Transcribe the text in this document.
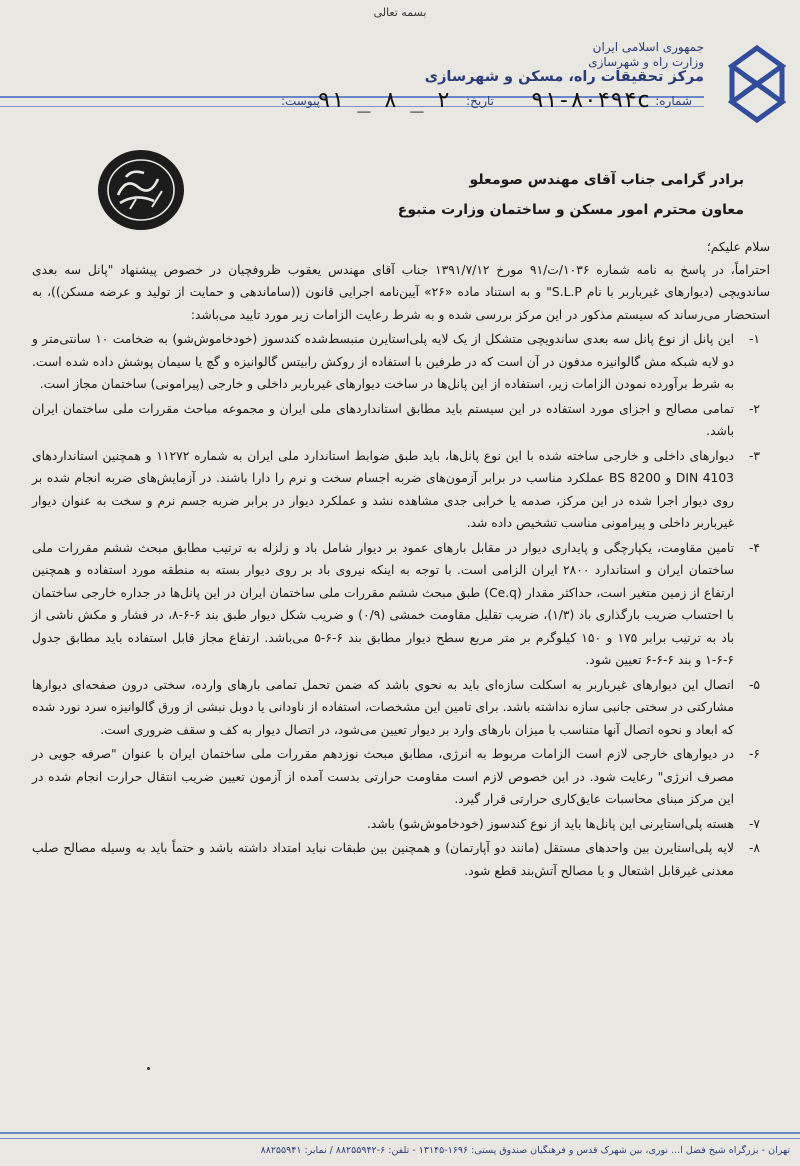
بسمه تعالی
جمهوری اسلامی ایران
وزارت راه و شهرسازی
مرکز تحقیقات راه، مسکن و شهرسازی
شماره:
۹۱-۸۰۴۹۴c
تاریخ:
۹۱ _ ۸ _ ۲
پیوست:
برادر گرامی جناب آقای مهندس صومعلو
معاون محترم امور مسکن و ساختمان وزارت متبوع

سلام علیکم؛

احتراماً، در پاسخ به نامه شماره ۱۰۳۶/ت/۹۱ مورخ ۱۳۹۱/۷/۱۲ جناب آقای مهندس یعقوب ظروفچیان در خصوص پیشنهاد "پانل سه بعدی ساندویچی (دیوارهای غیرباربر با نام S.L.P" و به استناد ماده «۲۶» آیین‌نامه اجرایی قانون ((ساماندهی و حمایت از تولید و عرضه مسکن))، به استحضار می‌رساند که سیستم مذکور در این مرکز بررسی شده و به شرط رعایت الزامات زیر مورد تایید می‌باشد:

۱-
این پانل از نوع پانل سه بعدی ساندویچی متشکل از یک لایه پلی‌استایرن منبسط‌شده کندسوز (خودخاموش‌شو) به ضخامت ۱۰ سانتی‌متر و دو لایه شبکه مش گالوانیزه مدفون در آن است که در طرفین با استفاده از روکش رابیتس گالوانیزه و گچ یا سیمان پوشش داده شده است. به شرط برآورده نمودن الزامات زیر، استفاده از این پانل‌ها در ساخت دیوارهای غیرباربر داخلی و خارجی (پیرامونی) ساختمان مجاز است.
۲-
تمامی مصالح و اجزای مورد استفاده در این سیستم باید مطابق استانداردهای ملی ایران و مجموعه مباحث مقررات ملی ساختمان ایران باشد.
۳-
دیوارهای داخلی و خارجی ساخته شده با این نوع پانل‌ها، باید طبق ضوابط استاندارد ملی ایران به شماره ۱۱۲۷۲ و همچنین استانداردهای DIN 4103 و BS 8200 عملکرد مناسب در برابر آزمون‌های ضربه اجسام سخت و نرم را دارا باشند. در آزمایش‌های ضربه انجام شده بر روی دیوار اجرا شده در این مرکز، صدمه یا خرابی جدی مشاهده نشد و عملکرد دیوار در برابر ضربه جسم نرم و سخت به عنوان دیوار غیرباربر داخلی و پیرامونی مناسب تشخیص داده شد.
۴-
تامین مقاومت، یکپارچگی و پایداری دیوار در مقابل بارهای عمود بر دیوار شامل باد و زلزله به ترتیب مطابق مبحث ششم مقررات ملی ساختمان ایران و استاندارد ۲۸۰۰ ایران الزامی است. با توجه به اینکه نیروی باد بر روی دیوار بسته به منطقه مورد استفاده و همچنین ارتفاع از زمین متغیر است، حداکثر مقدار (Ce.q) طبق مبحث ششم مقررات ملی ساختمان ایران در این پانل‌ها در جداره خارجی ساختمان با احتساب ضریب بارگذاری باد (۱/۳)، ضریب تقلیل مقاومت خمشی (۰/۹) و ضریب شکل دیوار طبق بند ۶-۶-۸، در فشار و مکش ناشی از باد به ترتیب برابر ۱۷۵ و ۱۵۰ کیلوگرم بر متر مربع سطح دیوار مطابق بند ۶-۶-۵ می‌باشد. ارتفاع مجاز قابل استفاده باید مطابق جدول ۶-۶-۱ و بند ۶-۶-۶ تعیین شود.
۵-
اتصال این دیوارهای غیرباربر به اسکلت سازه‌ای باید به نحوی باشد که ضمن تحمل تمامی بارهای وارده، سختی درون صفحه‌ای دیوارها مشارکتی در سختی جانبی سازه نداشته باشد. برای تامین این مشخصات، استفاده از ناودانی یا دوبل نبشی از ورق گالوانیزه سرد نورد شده که ابعاد و نحوه اتصال آنها متناسب با میزان بارهای وارد بر دیوار تعیین می‌شود، در اتصال دیوار به کف و سقف ضروری است.
۶-
در دیوارهای خارجی لازم است الزامات مربوط به انرژی، مطابق مبحث نوزدهم مقررات ملی ساختمان ایران با عنوان "صرفه جویی در مصرف انرژی" رعایت شود. در این خصوص لازم است مقاومت حرارتی بدست آمده از آزمون تعیین ضریب انتقال حرارت انجام شده در این مرکز مبنای محاسبات عایق‌کاری حرارتی قرار گیرد.
۷-
هسته پلی‌استایرنی این پانل‌ها باید از نوع کندسوز (خودخاموش‌شو) باشد.
۸-
لایه پلی‌استایرن بین واحدهای مستقل (مانند دو آپارتمان) و همچنین بین طبقات نباید امتداد داشته باشد و حتماً باید به وسیله مصالح صلب معدنی غیرقابل اشتعال و یا مصالح آتش‌بند قطع شود.
تهران - بزرگراه شیخ فضل ا... نوری، بین شهرک قدس و فرهنگیان صندوق پستی: ۱۶۹۶-۱۳۱۴۵ - تلفن: ۶-۸۸۲۵۵۹۴۲ / نمابر: ۸۸۲۵۵۹۴۱
